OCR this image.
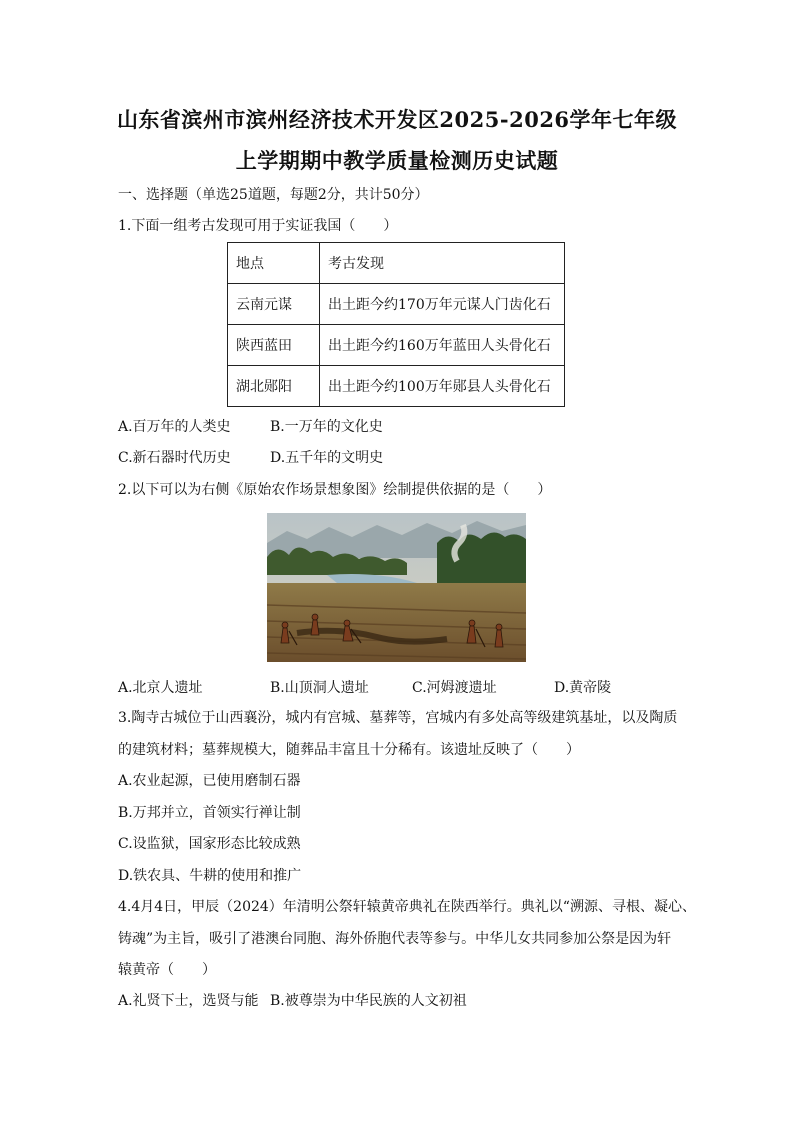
山东省滨州市滨州经济技术开发区2025-2026学年七年级
上学期期中教学质量检测历史试题
一、选择题（单选25道题，每题2分，共计50分）
1.下面一组考古发现可用于实证我国（　　）
地点	考古发现
云南元谋	出土距今约170万年元谋人门齿化石
陕西蓝田	出土距今约160万年蓝田人头骨化石
湖北郧阳	出土距今约100万年郧县人头骨化石
A.百万年的人类史	B.一万年的文化史
C.新石器时代历史	D.五千年的文明史
2.以下可以为右侧《原始农作场景想象图》绘制提供依据的是（　　）
A.北京人遗址	B.山顶洞人遗址	C.河姆渡遗址	D.黄帝陵
3.陶寺古城位于山西襄汾，城内有宫城、墓葬等，宫城内有多处高等级建筑基址，以及陶质
的建筑材料；墓葬规模大，随葬品丰富且十分稀有。该遗址反映了（　　）
A.农业起源，已使用磨制石器
B.万邦并立，首领实行禅让制
C.设监狱，国家形态比较成熟
D.铁农具、牛耕的使用和推广
4.4月4日，甲辰（2024）年清明公祭轩辕黄帝典礼在陕西举行。典礼以“溯源、寻根、凝心、
铸魂”为主旨，吸引了港澳台同胞、海外侨胞代表等参与。中华儿女共同参加公祭是因为轩
辕黄帝（　　）
A.礼贤下士，选贤与能 B.被尊崇为中华民族的人文初祖
